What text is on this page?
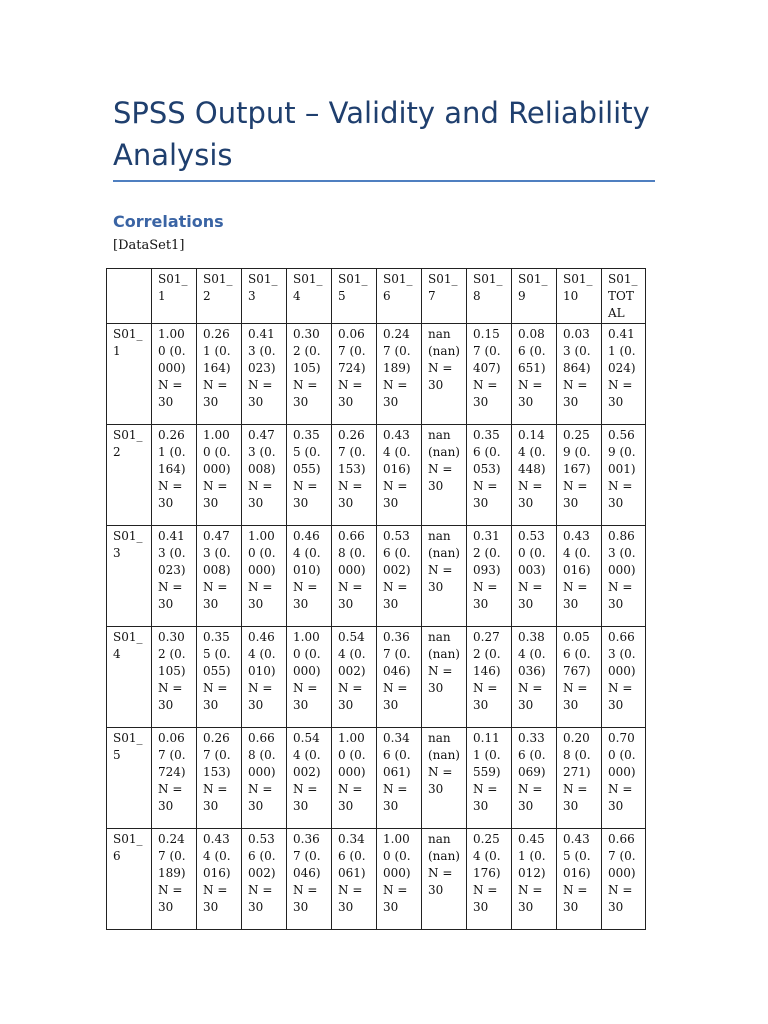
SPSS Output – Validity and Reliability Analysis
Correlations
[DataSet1]
	S01_1	S01_2	S01_3	S01_4	S01_5	S01_6	S01_7	S01_8	S01_9	S01_10	S01_TOTAL
S01_1	1.000 (0.000) N = 30	0.261 (0.164) N = 30	0.413 (0.023) N = 30	0.302 (0.105) N = 30	0.067 (0.724) N = 30	0.247 (0.189) N = 30	nan (nan) N = 30	0.157 (0.407) N = 30	0.086 (0.651) N = 30	0.033 (0.864) N = 30	0.411 (0.024) N = 30
S01_2	0.261 (0.164) N = 30	1.000 (0.000) N = 30	0.473 (0.008) N = 30	0.355 (0.055) N = 30	0.267 (0.153) N = 30	0.434 (0.016) N = 30	nan (nan) N = 30	0.356 (0.053) N = 30	0.144 (0.448) N = 30	0.259 (0.167) N = 30	0.569 (0.001) N = 30
S01_3	0.413 (0.023) N = 30	0.473 (0.008) N = 30	1.000 (0.000) N = 30	0.464 (0.010) N = 30	0.668 (0.000) N = 30	0.536 (0.002) N = 30	nan (nan) N = 30	0.312 (0.093) N = 30	0.530 (0.003) N = 30	0.434 (0.016) N = 30	0.863 (0.000) N = 30
S01_4	0.302 (0.105) N = 30	0.355 (0.055) N = 30	0.464 (0.010) N = 30	1.000 (0.000) N = 30	0.544 (0.002) N = 30	0.367 (0.046) N = 30	nan (nan) N = 30	0.272 (0.146) N = 30	0.384 (0.036) N = 30	0.056 (0.767) N = 30	0.663 (0.000) N = 30
S01_5	0.067 (0.724) N = 30	0.267 (0.153) N = 30	0.668 (0.000) N = 30	0.544 (0.002) N = 30	1.000 (0.000) N = 30	0.346 (0.061) N = 30	nan (nan) N = 30	0.111 (0.559) N = 30	0.336 (0.069) N = 30	0.208 (0.271) N = 30	0.700 (0.000) N = 30
S01_6	0.247 (0.189) N = 30	0.434 (0.016) N = 30	0.536 (0.002) N = 30	0.367 (0.046) N = 30	0.346 (0.061) N = 30	1.000 (0.000) N = 30	nan (nan) N = 30	0.254 (0.176) N = 30	0.451 (0.012) N = 30	0.435 (0.016) N = 30	0.667 (0.000) N = 30
